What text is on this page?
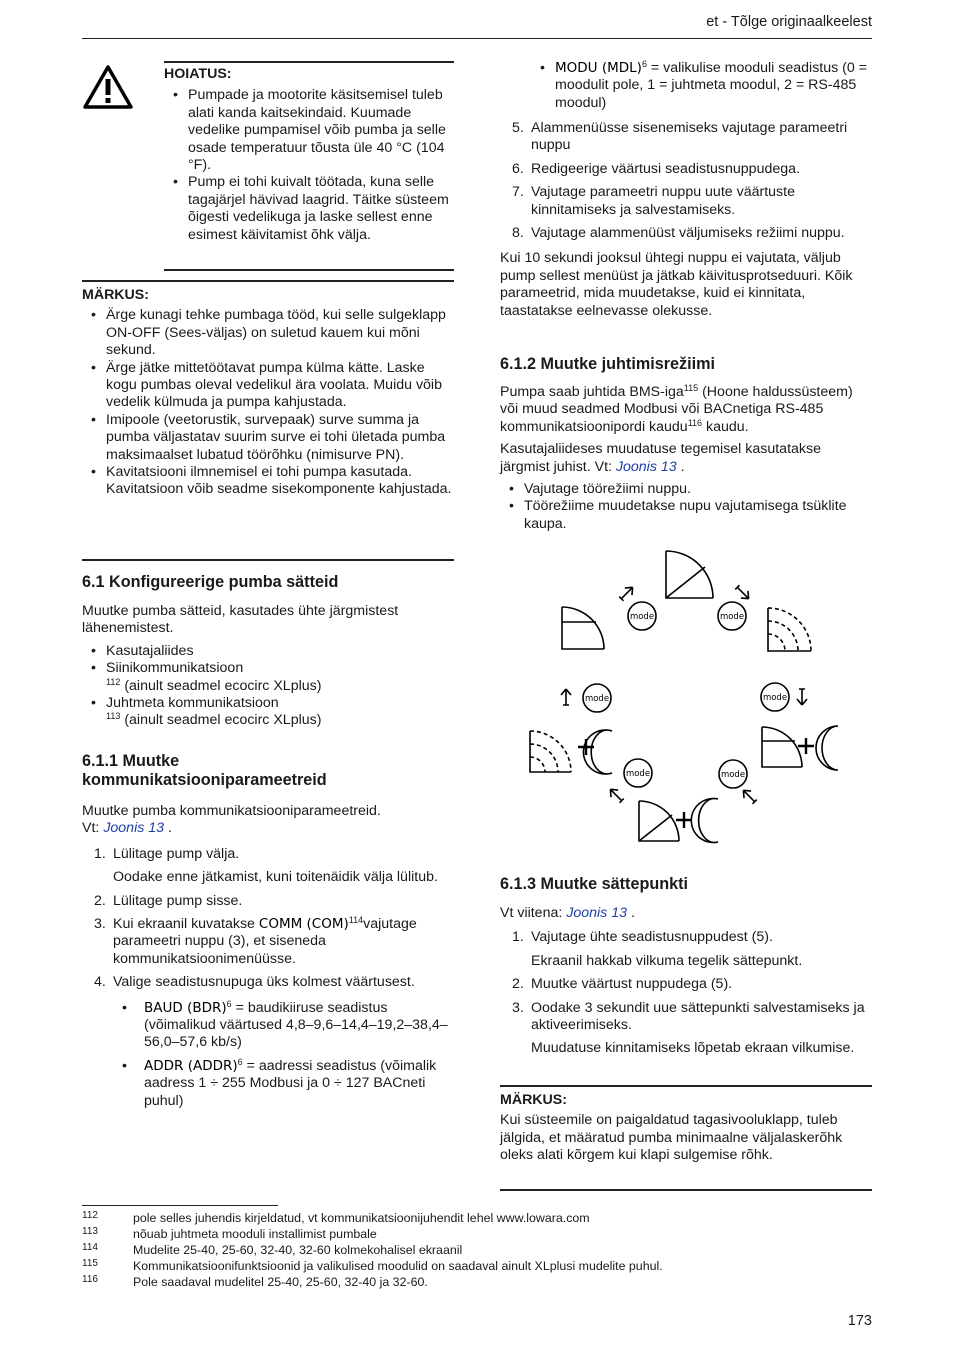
et - Tõlge originaalkeelest

HOIATUS:

• Pumpade ja mootorite käsitsemisel tuleb alati kanda kaitsekindaid. Kuumade vedelike pumpamisel võib pumba ja selle osade temperatuur tõusta üle 40 °C (104 °F).
• Pump ei tohi kuivalt töötada, kuna selle tagajärjel hävivad laagrid. Täitke süsteem õigesti vedelikuga ja laske sellest enne esimest käivitamist õhk välja.

MÄRKUS:

• Ärge kunagi tehke pumbaga tööd, kui selle sulgeklapp ON-OFF (Sees-väljas) on suletud kauem kui mõni sekund.
• Ärge jätke mittetöötavat pumpa külma kätte. Laske kogu pumbas oleval vedelikul ära voolata. Muidu võib vedelik külmuda ja pumpa kahjustada.
• Imipoole (veetorustik, survepaak) surve summa ja pumba väljastatav suurim surve ei tohi ületada pumba maksimaalset lubatud töörõhku (nimisurve PN).
• Kavitatsiooni ilmnemisel ei tohi pumpa kasutada. Kavitatsioon võib seadme sisekomponente kahjustada.
6.1 Konfigureerige pumba sätteid

Muutke pumba sätteid, kasutades ühte järgmistest lähenemistest.

• Kasutajaliides
• Siinikommunikatsioon
$^{112}$ (ainult seadmel ecocirc XLplus)
• Juhtmeta kommunikatsioon
$^{113}$ (ainult seadmel ecocirc XLplus)
6.1.1 Muutke
kommunikatsiooniparameetreid

Muutke pumba kommunikatsiooniparameetreid.
Vt: Joonis 13 .

1. Lülitage pump välja.

Oodake enne jätkamist, kuni toitenäidik välja lülitub.

2. Lülitage pump sisse.
3. Kui ekraanil kuvatakse COMM (COM)$^{114}$vajutage parameetri nuppu (3), et siseneda kommunikatsioonimenüüsse.
4. Valige seadistusnupuga üks kolmest väärtusest.
• BAUD (BDR)$^6$ = baudikiiruse seadistus (võimalikud väärtused 4,8–9,6–14,4–19,2–38,4–56,0–57,6 kb/s)
• ADDR (ADDR)$^6$ = aadressi seadistus (võimalik aadress 1 ÷ 255 Modbusi ja 0 ÷ 127 BACneti puhul)
• MODU (MDL)$^6$ = valikulise mooduli seadistus (0 = moodulit pole, 1 = juhtmeta moodul, 2 = RS-485 moodul)
5. Alammenüüsse sisenemiseks vajutage parameetri nuppu
6. Redigeerige väärtusi seadistusnuppudega.
7. Vajutage parameetri nuppu uute väärtuste kinnitamiseks ja salvestamiseks.
8. Vajutage alammenüüst väljumiseks režiimi nuppu.

Kui 10 sekundi jooksul ühtegi nuppu ei vajutata, väljub pump sellest menüüst ja jätkab käivitusprotseduuri. Kõik parameetrid, mida muudetakse, kuid ei kinnitata, taastatakse eelnevasse olekusse.

6.1.2 Muutke juhtimisrežiimi

Pumpa saab juhtida BMS-iga$^{115}$ (Hoone haldussüsteem) või muud seadmed Modbusi või BACnetiga RS-485 kommunikatsioonipordi kaudu$^{116}$ kaudu.

Kasutajaliideses muudatuse tegemisel kasutatakse järgmist juhist. Vt: Joonis 13 .

• Vajutage töörežiimi nuppu.
• Töörežiime muudetakse nupu vajutamisega tsüklite kaupa.
mode	mode
mode	mode
mode	mode
6.1.3 Muutke sättepunkti

Vt viitena: Joonis 13 .

1. Vajutage ühte seadistusnuppudest (5).

Ekraanil hakkab vilkuma tegelik sättepunkt.

2. Muutke väärtust nuppudega (5).
3. Oodake 3 sekundit uue sättepunkti salvestamiseks ja aktiveerimiseks.

Muudatuse kinnitamiseks lõpetab ekraan vilkumise.

MÄRKUS:

Kui süsteemile on paigaldatud tagasivooluklapp, tuleb jälgida, et määratud pumba minimaalne väljalaskerõhk oleks alati kõrgem kui klapi sulgemise rõhk.

112	pole selles juhendis kirjeldatud, vt kommunikatsioonijuhendit lehel www.lowara.com
113	nõuab juhtmeta mooduli installimist pumbale
114	Mudelite 25-40, 25-60, 32-40, 32-60 kolmekohalisel ekraanil
115	Kommunikatsioonifunktsioonid ja valikulised moodulid on saadaval ainult XLplusi mudelite puhul.
116	Pole saadaval mudelitel 25-40, 25-60, 32-40 ja 32-60.
173
